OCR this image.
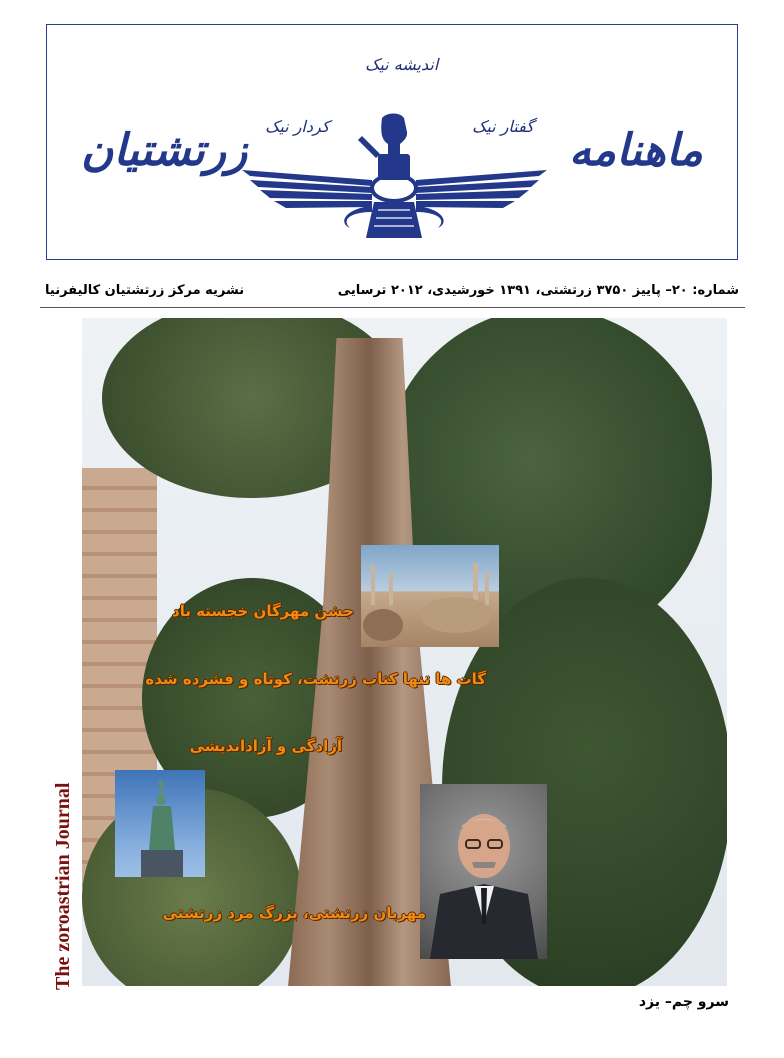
زرتشتیان	ماهنامه
اندیشه نیک
کردار نیک	گفتار نیک
شماره: ۲۰– پاییز ۳۷۵۰ زرتشتی، ۱۳۹۱ خورشیدی، ۲۰۱۲ ترسایی
نشریه مرکز زرتشتیان کالیفرنیا
جشن مهرگان خجسته باد
گات ها تنها کتاب زرتشت، کوتاه و فشرده شده
آزادگی و آزاداندیشی
مهربان زرتشتی، بزرگ مرد زرتشتی
The zoroastrian Journal
سرو چم– یزد
